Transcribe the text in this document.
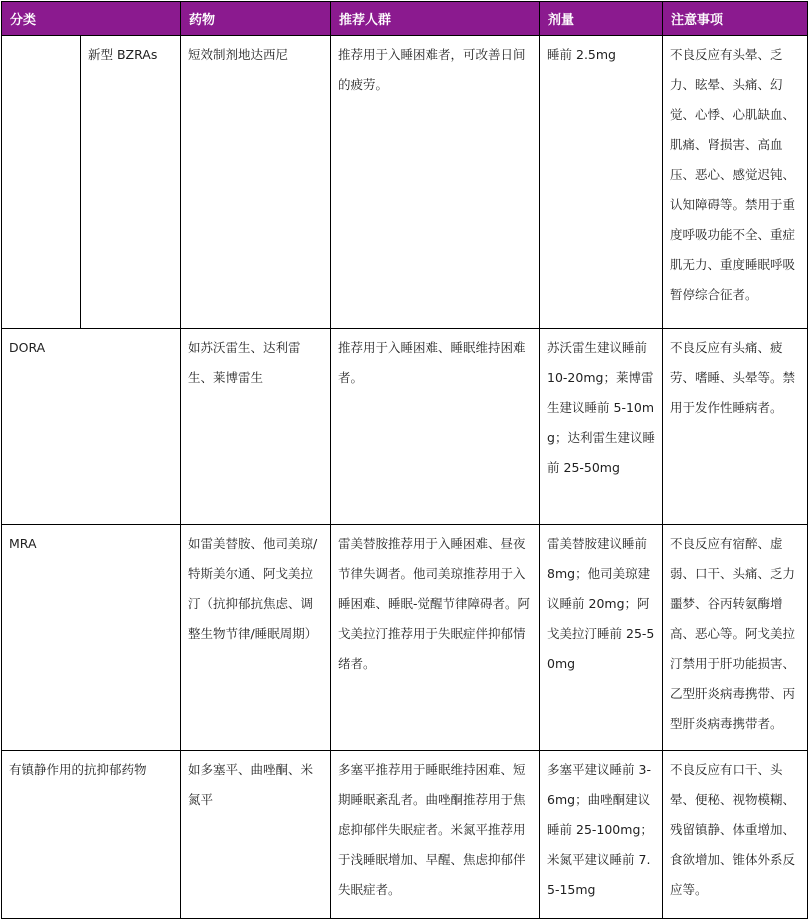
分类		药物	推荐人群	剂量	注意事项
	新型 BZRAs	短效制剂地达西尼	推荐用于入睡困难者，可改善日间的疲劳。	睡前 2.5mg	不良反应有头晕、乏力、眩晕、头痛、幻觉、心悸、心肌缺血、肌痛、肾损害、高血压、恶心、感觉迟钝、认知障碍等。禁用于重度呼吸功能不全、重症肌无力、重度睡眠呼吸暂停综合征者。
DORA		如苏沃雷生、达利雷生、莱博雷生	推荐用于入睡困难、睡眠维持困难者。	苏沃雷生建议睡前 10-20mg；莱博雷生建议睡前 5-10mg；达利雷生建议睡前 25-50mg	不良反应有头痛、疲劳、嗜睡、头晕等。禁用于发作性睡病者。
MRA		如雷美替胺、他司美琼/特斯美尔通、阿戈美拉汀（抗抑郁抗焦虑、调整生物节律/睡眠周期）	雷美替胺推荐用于入睡困难、昼夜节律失调者。他司美琼推荐用于入睡困难、睡眠-觉醒节律障碍者。阿戈美拉汀推荐用于失眠症伴抑郁情绪者。	雷美替胺建议睡前 8mg；他司美琼建议睡前 20mg；阿戈美拉汀睡前 25-50mg	不良反应有宿醉、虚弱、口干、头痛、乏力噩梦、谷丙转氨酶增高、恶心等。阿戈美拉汀禁用于肝功能损害、乙型肝炎病毒携带、丙型肝炎病毒携带者。
有镇静作用的抗抑郁药物		如多塞平、曲唑酮、米氮平	多塞平推荐用于睡眠维持困难、短期睡眠紊乱者。曲唑酮推荐用于焦虑抑郁伴失眠症者。米氮平推荐用于浅睡眠增加、早醒、焦虑抑郁伴失眠症者。	多塞平建议睡前 3-6mg；曲唑酮建议睡前 25-100mg；米氮平建议睡前 7.5-15mg	不良反应有口干、头晕、便秘、视物模糊、残留镇静、体重增加、食欲增加、锥体外系反应等。
